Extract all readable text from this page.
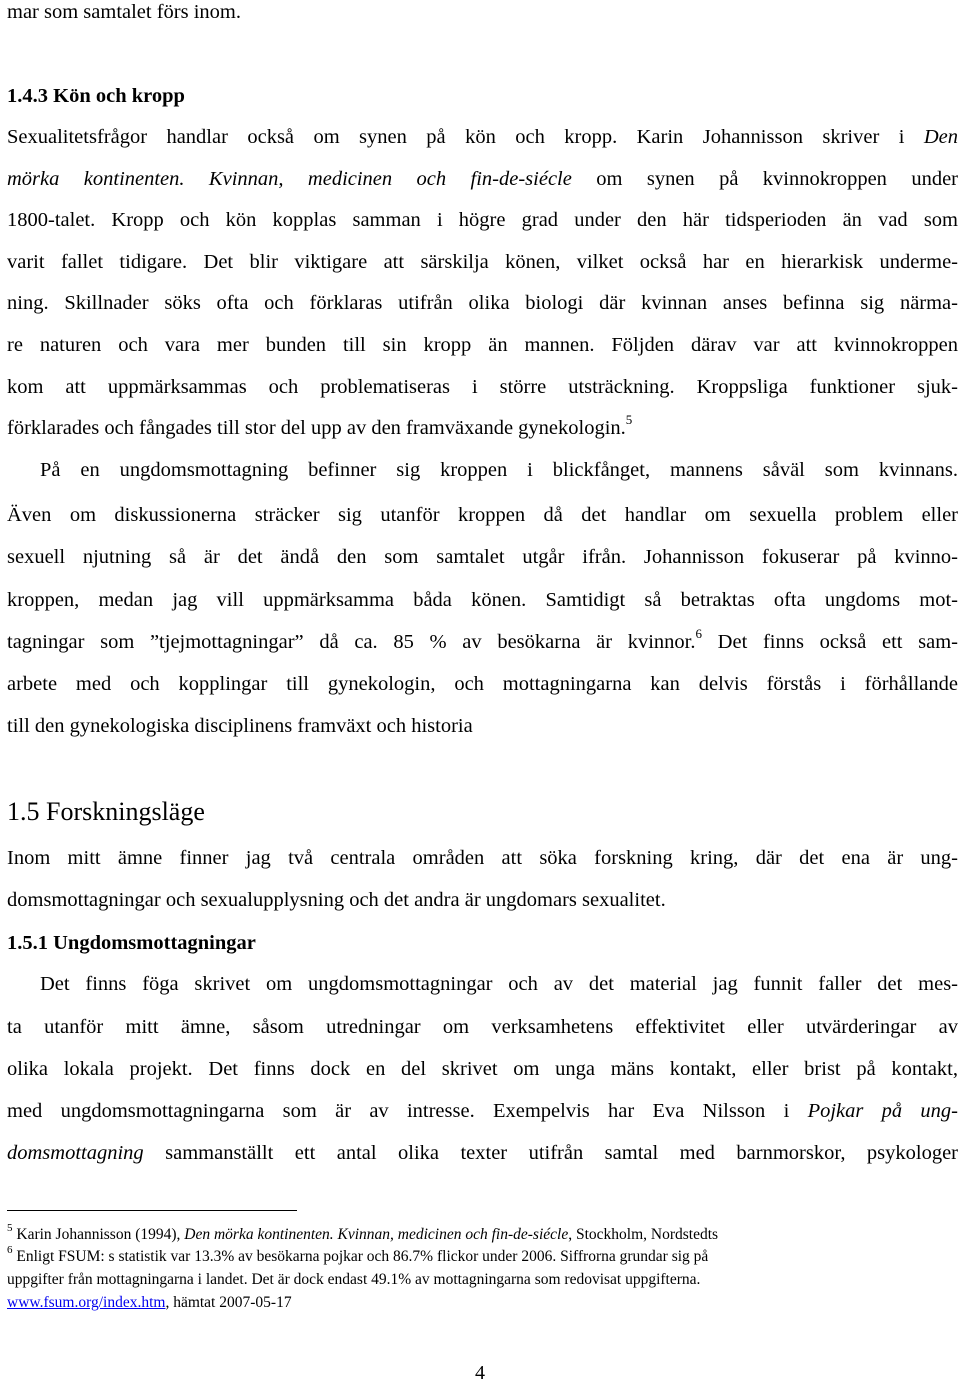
mar som samtalet förs inom.
1.4.3 Kön och kropp
Sexualitetsfrågor handlar också om synen på kön och kropp. Karin Johannisson skriver i Den
mörka kontinenten. Kvinnan, medicinen och fin-de-siécle om synen på kvinnokroppen under
1800-talet. Kropp och kön kopplas samman i högre grad under den här tidsperioden än vad som
varit fallet tidigare. Det blir viktigare att särskilja könen, vilket också har en hierarkisk underme-
ning. Skillnader söks ofta och förklaras utifrån olika biologi där kvinnan anses befinna sig närma-
re naturen och vara mer bunden till sin kropp än mannen. Följden därav var att kvinnokroppen
kom att uppmärksammas och problematiseras i större utsträckning. Kroppsliga funktioner sjuk-
förklarades och fångades till stor del upp av den framväxande gynekologin.$^5$
På en ungdomsmottagning befinner sig kroppen i blickfånget, mannens såväl som kvinnans.
Även om diskussionerna sträcker sig utanför kroppen då det handlar om sexuella problem eller
sexuell njutning så är det ändå den som samtalet utgår ifrån. Johannisson fokuserar på kvinno-
kroppen, medan jag vill uppmärksamma båda könen. Samtidigt så betraktas ofta ungdoms mot-
tagningar som ”tjejmottagningar” då ca. 85 % av besökarna är kvinnor.$^6$ Det finns också ett sam-
arbete med och kopplingar till gynekologin, och mottagningarna kan delvis förstås i förhållande
till den gynekologiska disciplinens framväxt och historia
1.5 Forskningsläge
Inom mitt ämne finner jag två centrala områden att söka forskning kring, där det ena är ung-
domsmottagningar och sexualupplysning och det andra är ungdomars sexualitet.
1.5.1 Ungdomsmottagningar
Det finns föga skrivet om ungdomsmottagningar och av det material jag funnit faller det mes-
ta utanför mitt ämne, såsom utredningar om verksamhetens effektivitet eller utvärderingar av
olika lokala projekt. Det finns dock en del skrivet om unga mäns kontakt, eller brist på kontakt,
med ungdomsmottagningarna som är av intresse. Exempelvis har Eva Nilsson i Pojkar på ung-
domsmottagning sammanställt ett antal olika texter utifrån samtal med barnmorskor, psykologer
$^5$ Karin Johannisson (1994), Den mörka kontinenten. Kvinnan, medicinen och fin-de-siécle, Stockholm, Nordstedts
$^6$ Enligt FSUM: s statistik var 13.3% av besökarna pojkar och 86.7% flickor under 2006. Siffrorna grundar sig på
uppgifter från mottagningarna i landet. Det är dock endast 49.1% av mottagningarna som redovisat uppgifterna.
www.fsum.org/index.htm, hämtat 2007-05-17
4
